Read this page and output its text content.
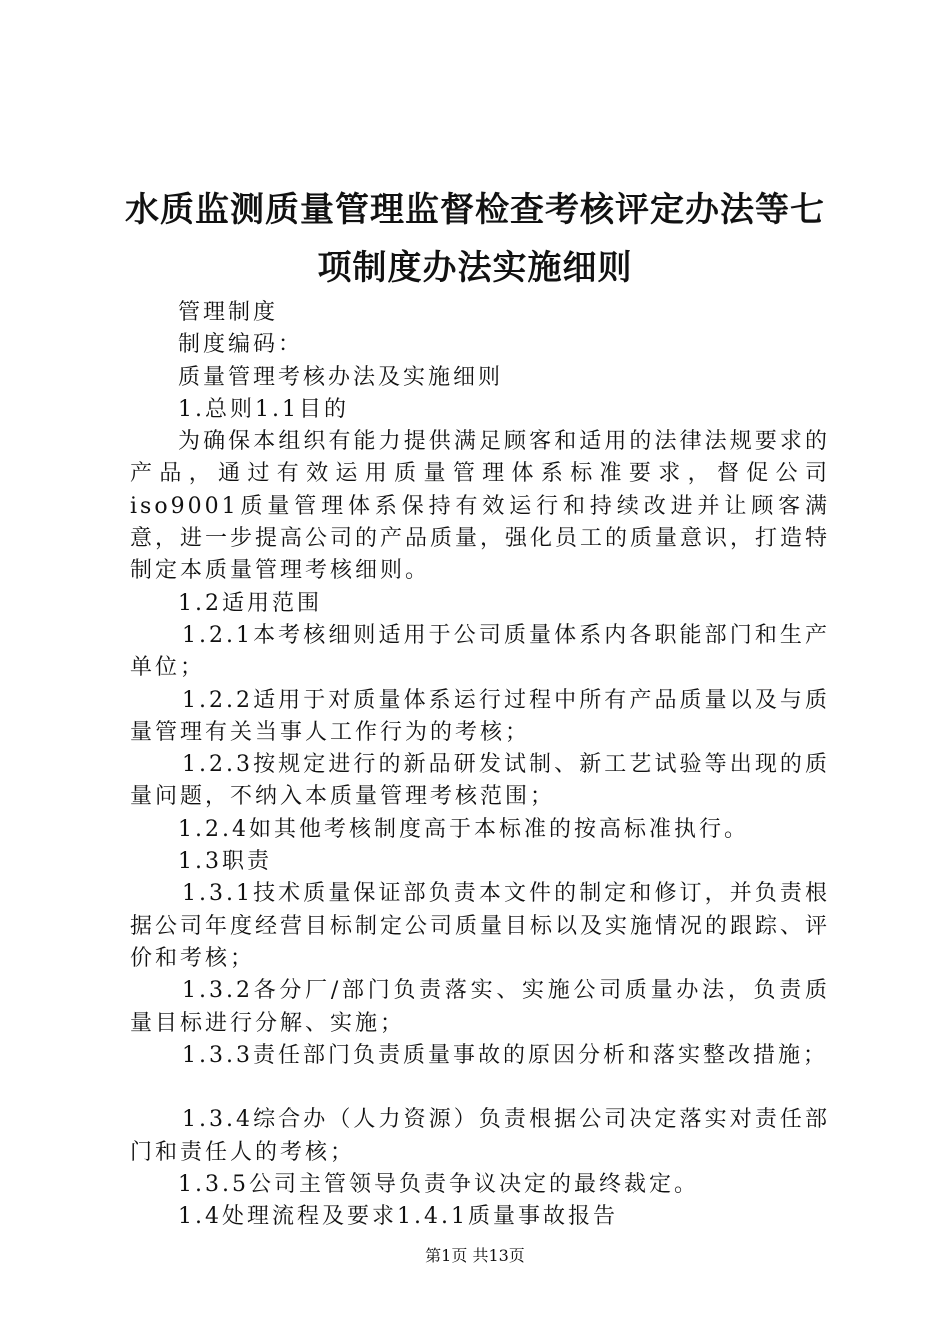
水质监测质量管理监督检查考核评定办法等七
项制度办法实施细则

管理制度

制度编码：

质量管理考核办法及实施细则

1.总则1.1目的

为确保本组织有能力提供满足顾客和适用的法律法规要求的产品，通过有效运用质量管理体系标准要求，督促公司iso9001质量管理体系保持有效运行和持续改进并让顾客满意，进一步提高公司的产品质量，强化员工的质量意识，打造特制定本质量管理考核细则。

1.2适用范围

1.2.1本考核细则适用于公司质量体系内各职能部门和生产单位；

1.2.2适用于对质量体系运行过程中所有产品质量以及与质量管理有关当事人工作行为的考核；

1.2.3按规定进行的新品研发试制、新工艺试验等出现的质量问题，不纳入本质量管理考核范围；

1.2.4如其他考核制度高于本标准的按高标准执行。

1.3职责

1.3.1技术质量保证部负责本文件的制定和修订，并负责根据公司年度经营目标制定公司质量目标以及实施情况的跟踪、评价和考核；

1.3.2各分厂/部门负责落实、实施公司质量办法，负责质量目标进行分解、实施；

1.3.3责任部门负责质量事故的原因分析和落实整改措施；

1.3.4综合办（人力资源）负责根据公司决定落实对责任部门和责任人的考核；

1.3.5公司主管领导负责争议决定的最终裁定。

1.4处理流程及要求1.4.1质量事故报告

第1页 共13页
